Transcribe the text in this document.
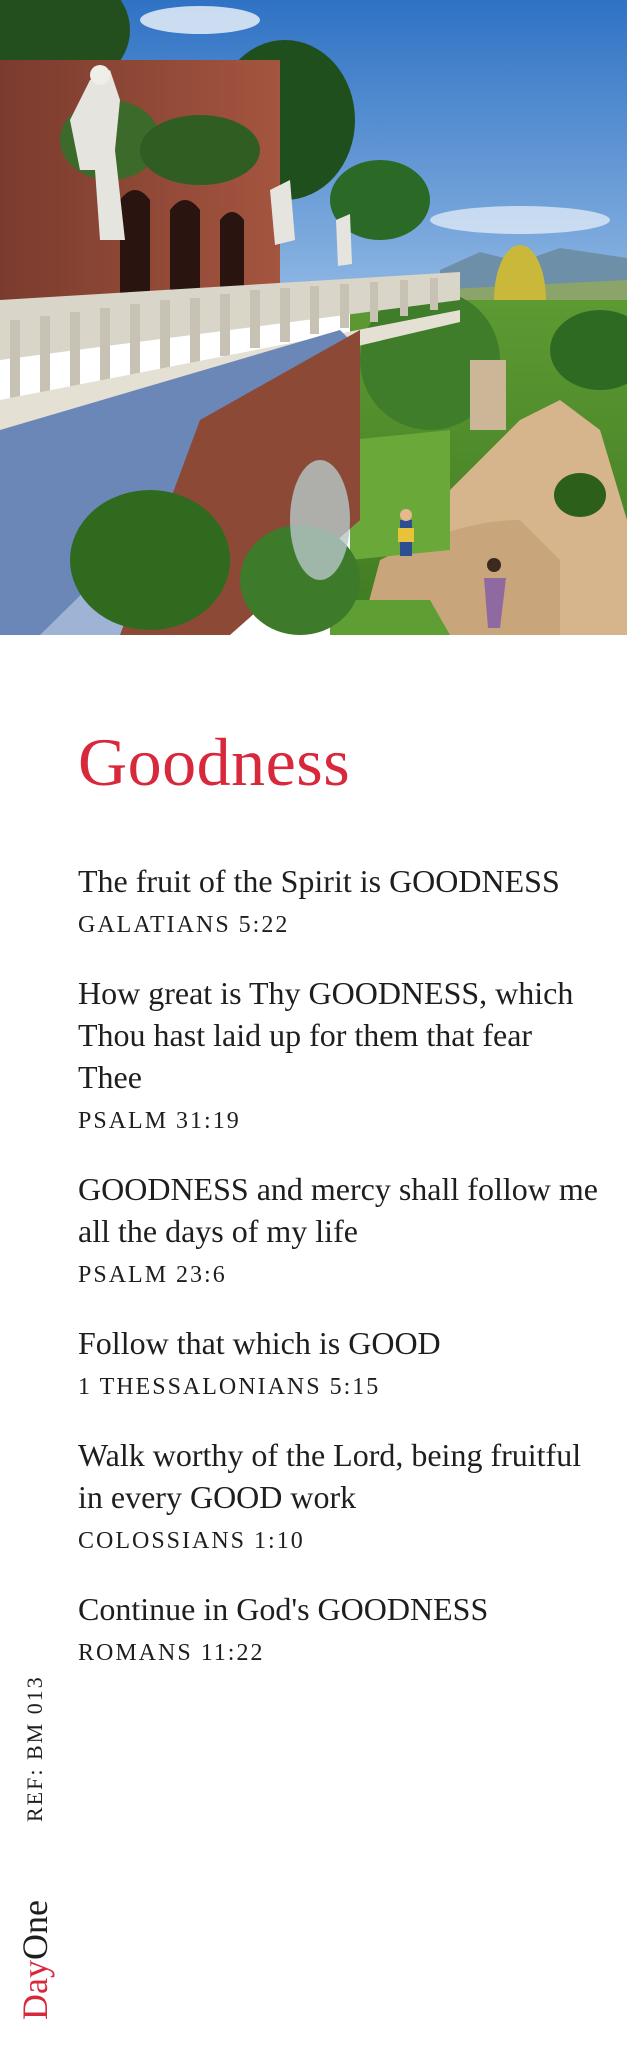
Goodness
The fruit of the Spirit is GOODNESS
GALATIANS 5:22
How great is Thy GOODNESS, which Thou hast laid up for them that fear Thee
PSALM 31:19
GOODNESS and mercy shall follow me all the days of my life
PSALM 23:6
Follow that which is GOOD
1 THESSALONIANS 5:15
Walk worthy of the Lord, being fruitful in every GOOD work
COLOSSIANS 1:10
Continue in God's GOODNESS
ROMANS 11:22
REF: BM 013
DayOne
